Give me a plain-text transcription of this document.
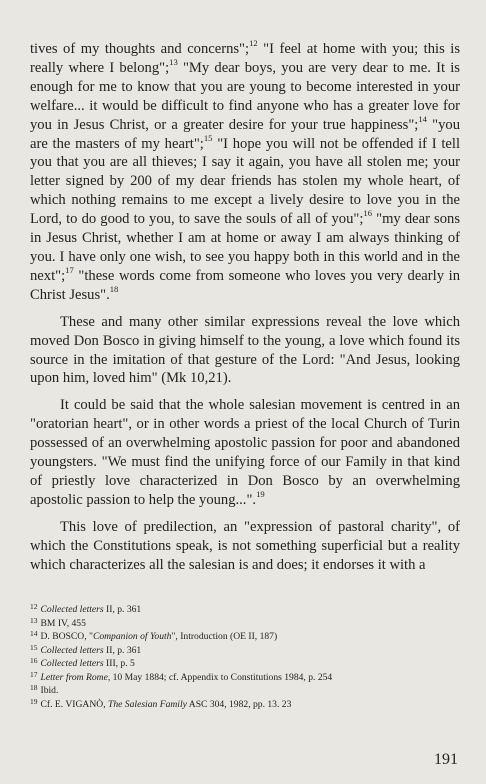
tives of my thoughts and concerns";$^{12}$ "I feel at home with you; this is really where I belong";$^{13}$ "My dear boys, you are very dear to me. It is enough for me to know that you are young to become interested in your welfare... it would be difficult to find anyone who has a greater love for you in Jesus Christ, or a greater desire for your true happiness";$^{14}$ "you are the masters of my heart";$^{15}$ "I hope you will not be offended if I tell you that you are all thieves; I say it again, you have all stolen me; your letter signed by 200 of my dear friends has stolen my whole heart, of which nothing remains to me except a lively desire to love you in the Lord, to do good to you, to save the souls of all of you";$^{16}$ "my dear sons in Jesus Christ, whether I am at home or away I am always thinking of you. I have only one wish, to see you happy both in this world and in the next";$^{17}$ "these words come from someone who loves you very dearly in Christ Jesus".$^{18}$

These and many other similar expressions reveal the love which moved Don Bosco in giving himself to the young, a love which found its source in the imitation of that gesture of the Lord: "And Jesus, looking upon him, loved him" (Mk 10,21).

It could be said that the whole salesian movement is centred in an "oratorian heart", or in other words a priest of the local Church of Turin possessed of an overwhelming apostolic passion for poor and abandoned youngsters. "We must find the unifying force of our Family in that kind of priestly love characterized in Don Bosco by an overwhelming apostolic passion to help the young...".$^{19}$

This love of predilection, an "expression of pastoral charity", of which the Constitutions speak, is not something superficial but a reality which characterizes all the salesian is and does; it endorses it with a

$^{12}$ Collected letters II, p. 361
$^{13}$ BM IV, 455
$^{14}$ D. BOSCO, "Companion of Youth", Introduction (OE II, 187)
$^{15}$ Collected letters II, p. 361
$^{16}$ Collected letters III, p. 5
$^{17}$ Letter from Rome, 10 May 1884; cf. Appendix to Constitutions 1984, p. 254
$^{18}$ Ibid.
$^{19}$ Cf. E. VIGANÒ, The Salesian Family ASC 304, 1982, pp. 13. 23
191
